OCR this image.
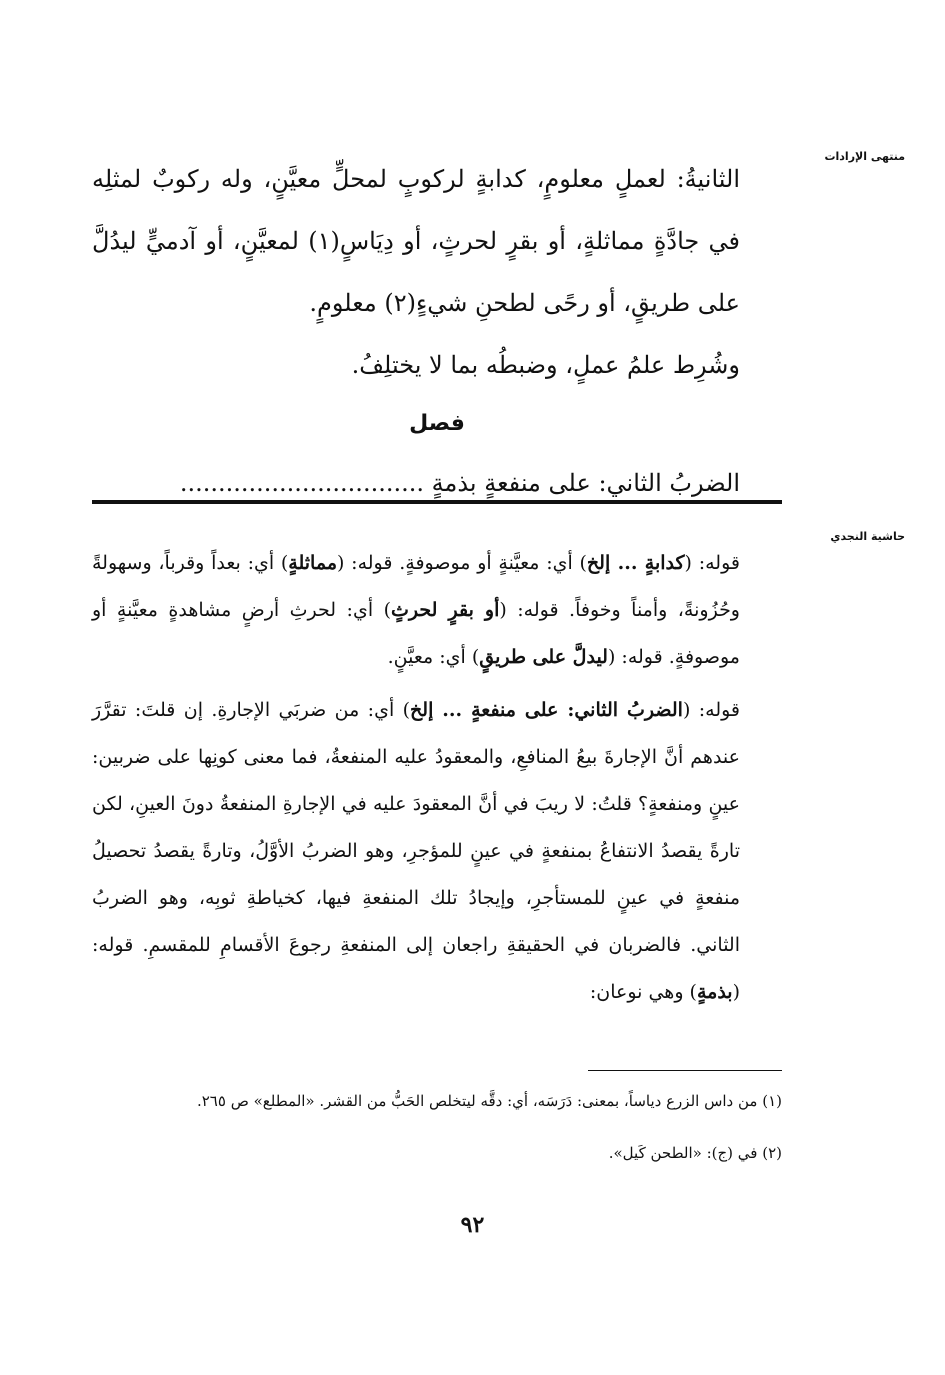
منتهى الإرادات
حاشية النجدي

الثانيةُ: لعملٍ معلومٍ، كدابةٍ لركوبٍ لمحلٍّ معيَّنٍ، وله ركوبٌ لمثلِه في جادَّةٍ مماثلةٍ، أو بقرٍ لحرثٍ، أو دِيَاسٍ(١) لمعيَّنٍ، أو آدميٍّ ليدُلَّ على طريقٍ، أو رحًى لطحنِ شيءٍ(٢) معلومٍ.

وشُرِط علمُ عملٍ، وضبطُه بما لا يختلِفُ.

فصل

الضربُ الثاني: على منفعةٍ بذمةٍ ................................

قوله: (كدابةٍ ... إلخ) أي: معيَّنةٍ أو موصوفةٍ. قوله: (مماثلةٍ) أي: بعداً وقرباً، وسهولةً وحُزُونةً، وأمناً وخوفاً. قوله: (أو بقرٍ لحرثٍ) أي: لحرثِ أرضٍ مشاهدةٍ معيَّنةٍ أو موصوفةٍ. قوله: (ليدلَّ على طريقٍ) أي: معيَّنٍ.

قوله: (الضربُ الثاني: على منفعةٍ ... إلخ) أي: من ضربَي الإجارةِ. إن قلتَ: تقرَّرَ عندهم أنَّ الإجارةَ بيعُ المنافعِ، والمعقودُ عليه المنفعةُ، فما معنى كونِها على ضربين: عينٍ ومنفعةٍ؟ قلتُ: لا ريبَ في أنَّ المعقودَ عليه في الإجارةِ المنفعةُ دونَ العينِ، لكن تارةً يقصدُ الانتفاعُ بمنفعةٍ في عينٍ للمؤجرِ، وهو الضربُ الأوَّلُ، وتارةً يقصدُ تحصيلُ منفعةٍ في عينٍ للمستأجرِ، وإيجادُ تلك المنفعةِ فيها، كخياطةِ ثوبِه، وهو الضربُ الثاني. فالضربان في الحقيقةِ راجعان إلى المنفعةِ رجوعَ الأقسامِ للمقسمِ. قوله: (بذمةٍ) وهي نوعان:

(١) من داس الزرع دياساً، بمعنى: دَرَسَه، أي: دقَّه ليتخلص الحَبُّ من القشر. «المطلع» ص ٢٦٥.

(٢) في (ج): «الطحن كَيل».

٩٢
